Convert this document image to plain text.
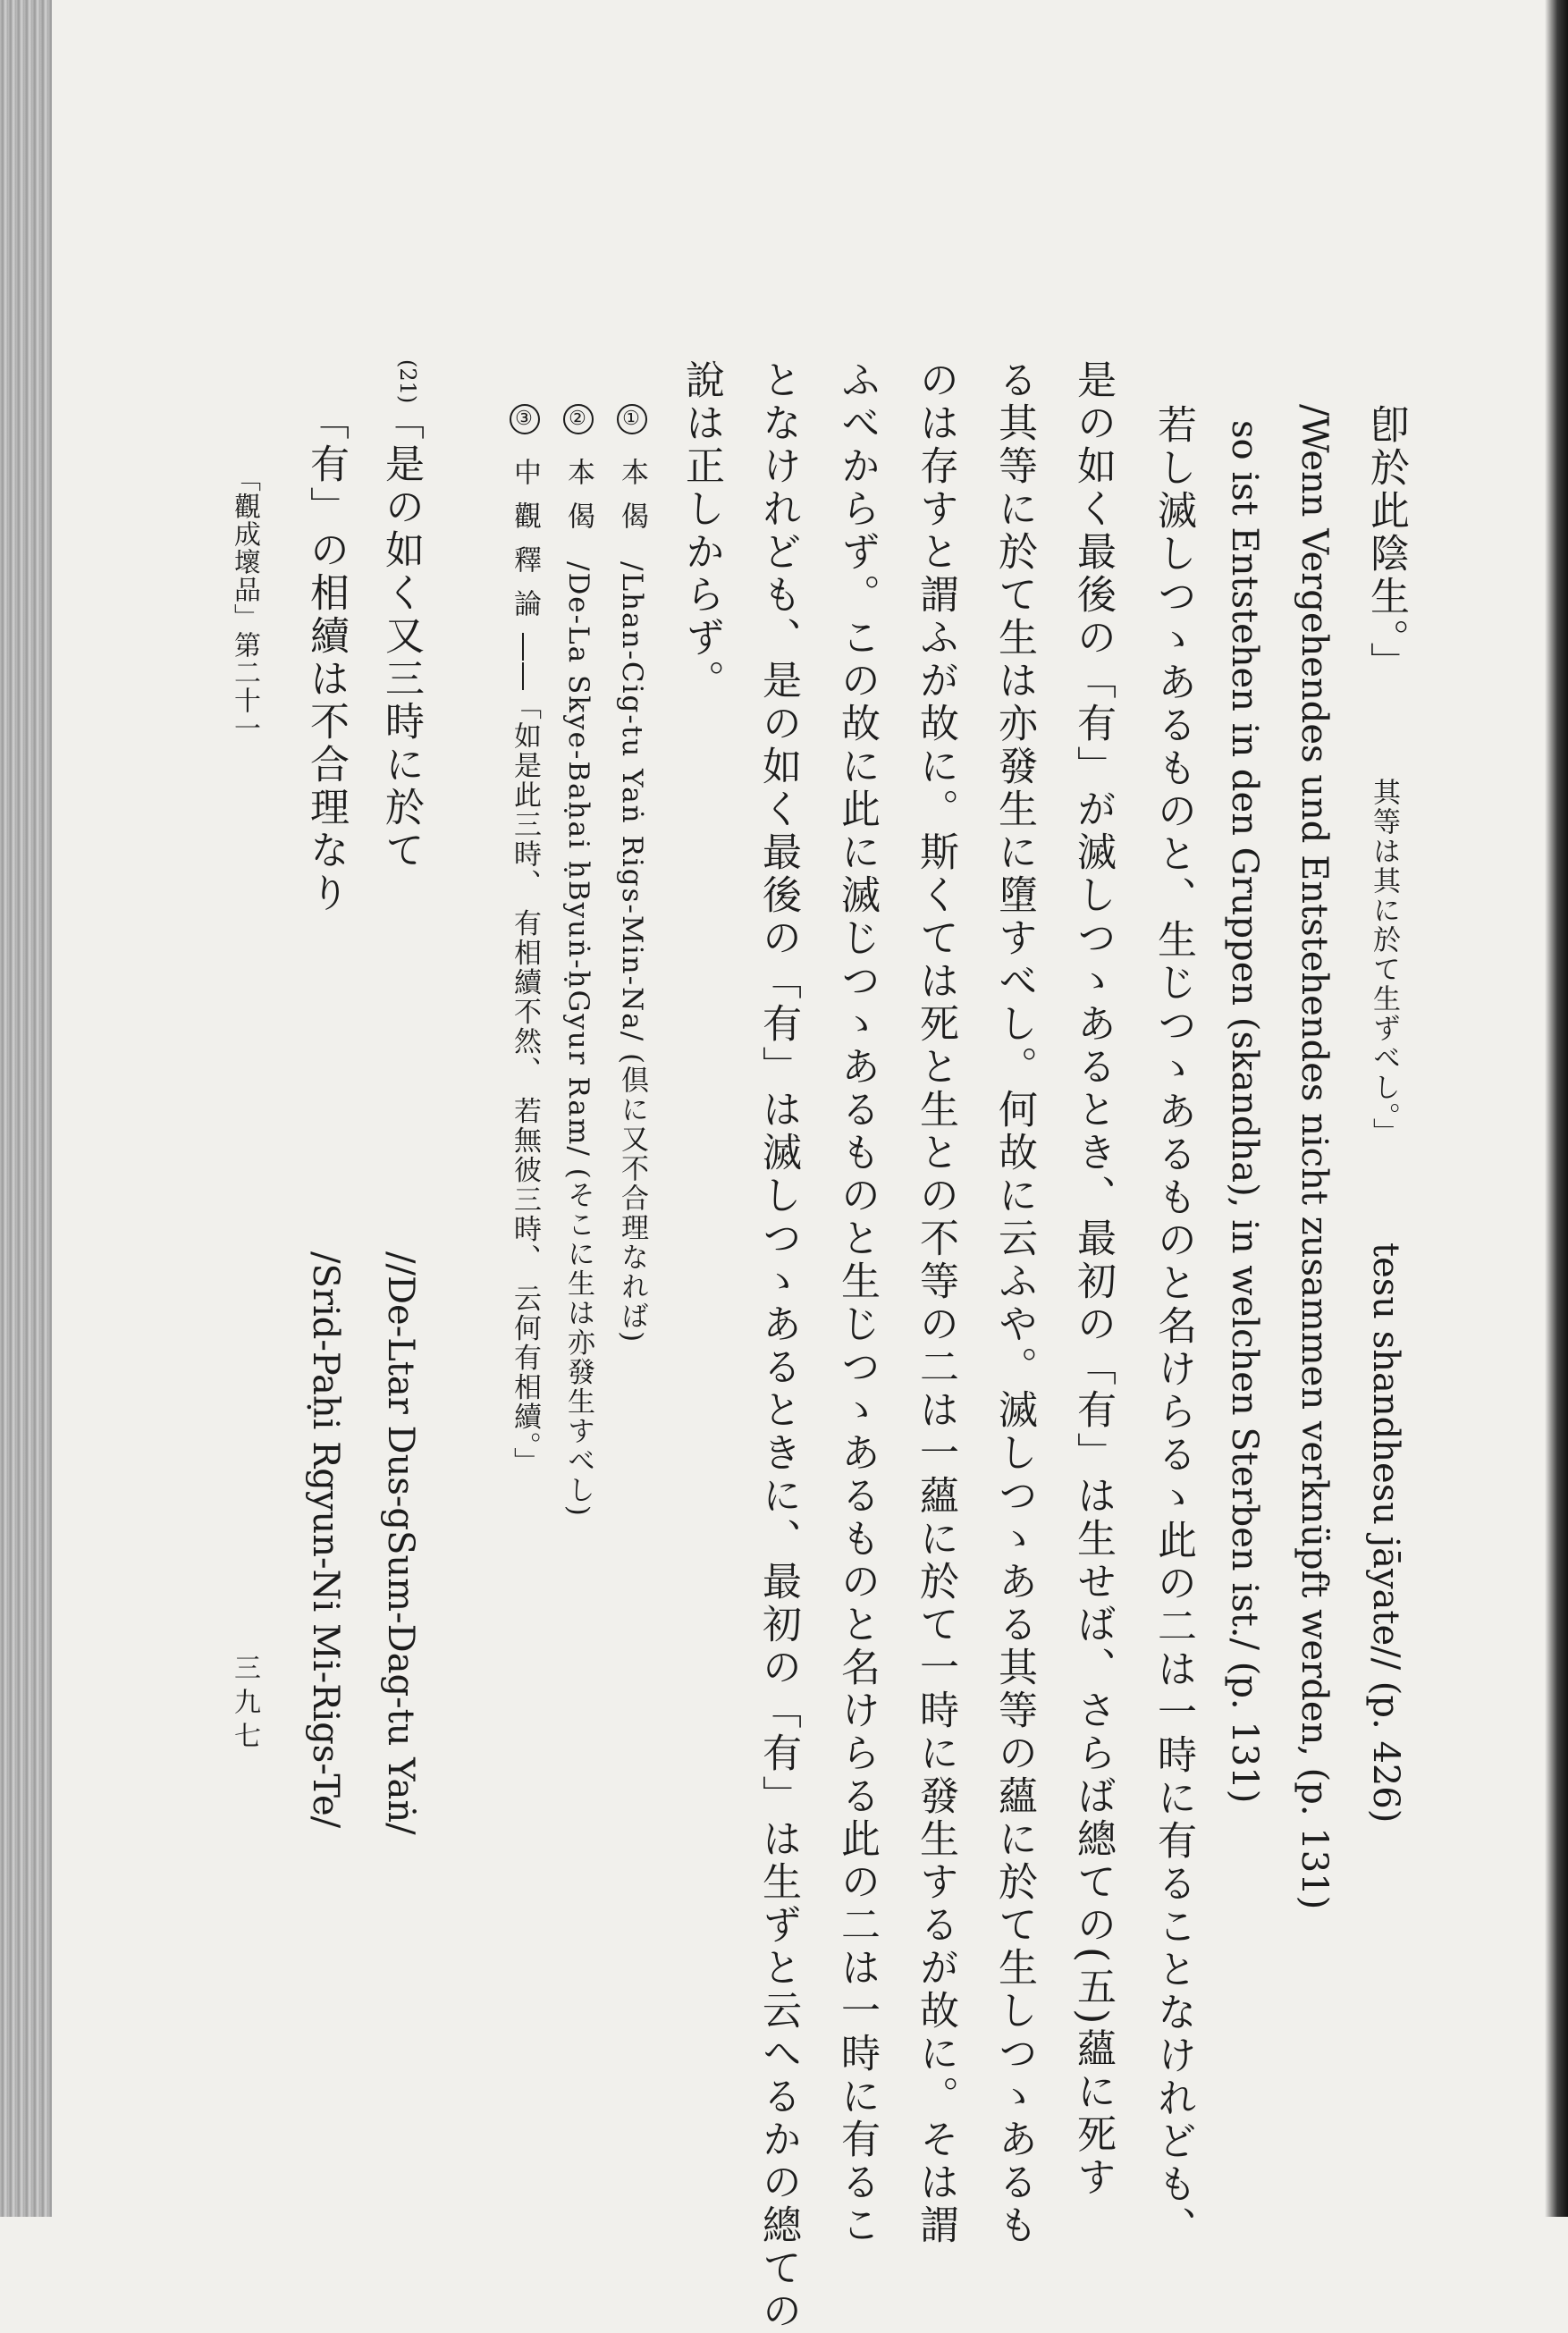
卽於此陰生。」
其等は其に於て生ずべし。」
tesu shandhesu jāyate// (p. 426)
/Wenn Vergehendes und Entstehendes nicht zusammen verknüpft werden, (p. 131)
so ist Entstehen in den Gruppen (skandha), in welchen Sterben ist./ (p. 131)
若し滅しつゝあるものと、生じつゝあるものと名けらるゝ此の二は一時に有ることなけれども、
是の如く最後の「有」が滅しつゝあるとき、最初の「有」は生せば、さらば總ての(五)蘊に死す
る其等に於て生は亦發生に墮すべし。何故に云ふや。滅しつゝある其等の蘊に於て生しつゝあるも
のは存すと謂ふが故に。斯くては死と生との不等の二は一蘊に於て一時に發生するが故に。そは謂
ふべからず。この故に此に滅じつゝあるものと生じつゝあるものと名けらる此の二は一時に有るこ
となけれども、是の如く最後の「有」は滅しつゝあるときに、最初の「有」は生ずと云へるかの總ての
說は正しからず。
①本偈/Lhan-Cig-tu Yaṅ Rigs-Min-Na/ (倶に又不合理なれば)
②本偈/De-La Skye-Baḥai ḥByuṅ-ḥGyur Ram/ (そこに生は亦發生すべし)
③中觀釋論――「如是此三時、 有相續不然、 若無彼三時、 云何有相續。」
(21)
「是の如く又三時に於て
//De-Ltar Dus-gSum-Dag-tu Yaṅ/
「有」の相續は不合理なり
/Srid-Paḥi Rgyun-Ni Mi-Rigs-Te/
「觀成壞品」第二十一
三九七
